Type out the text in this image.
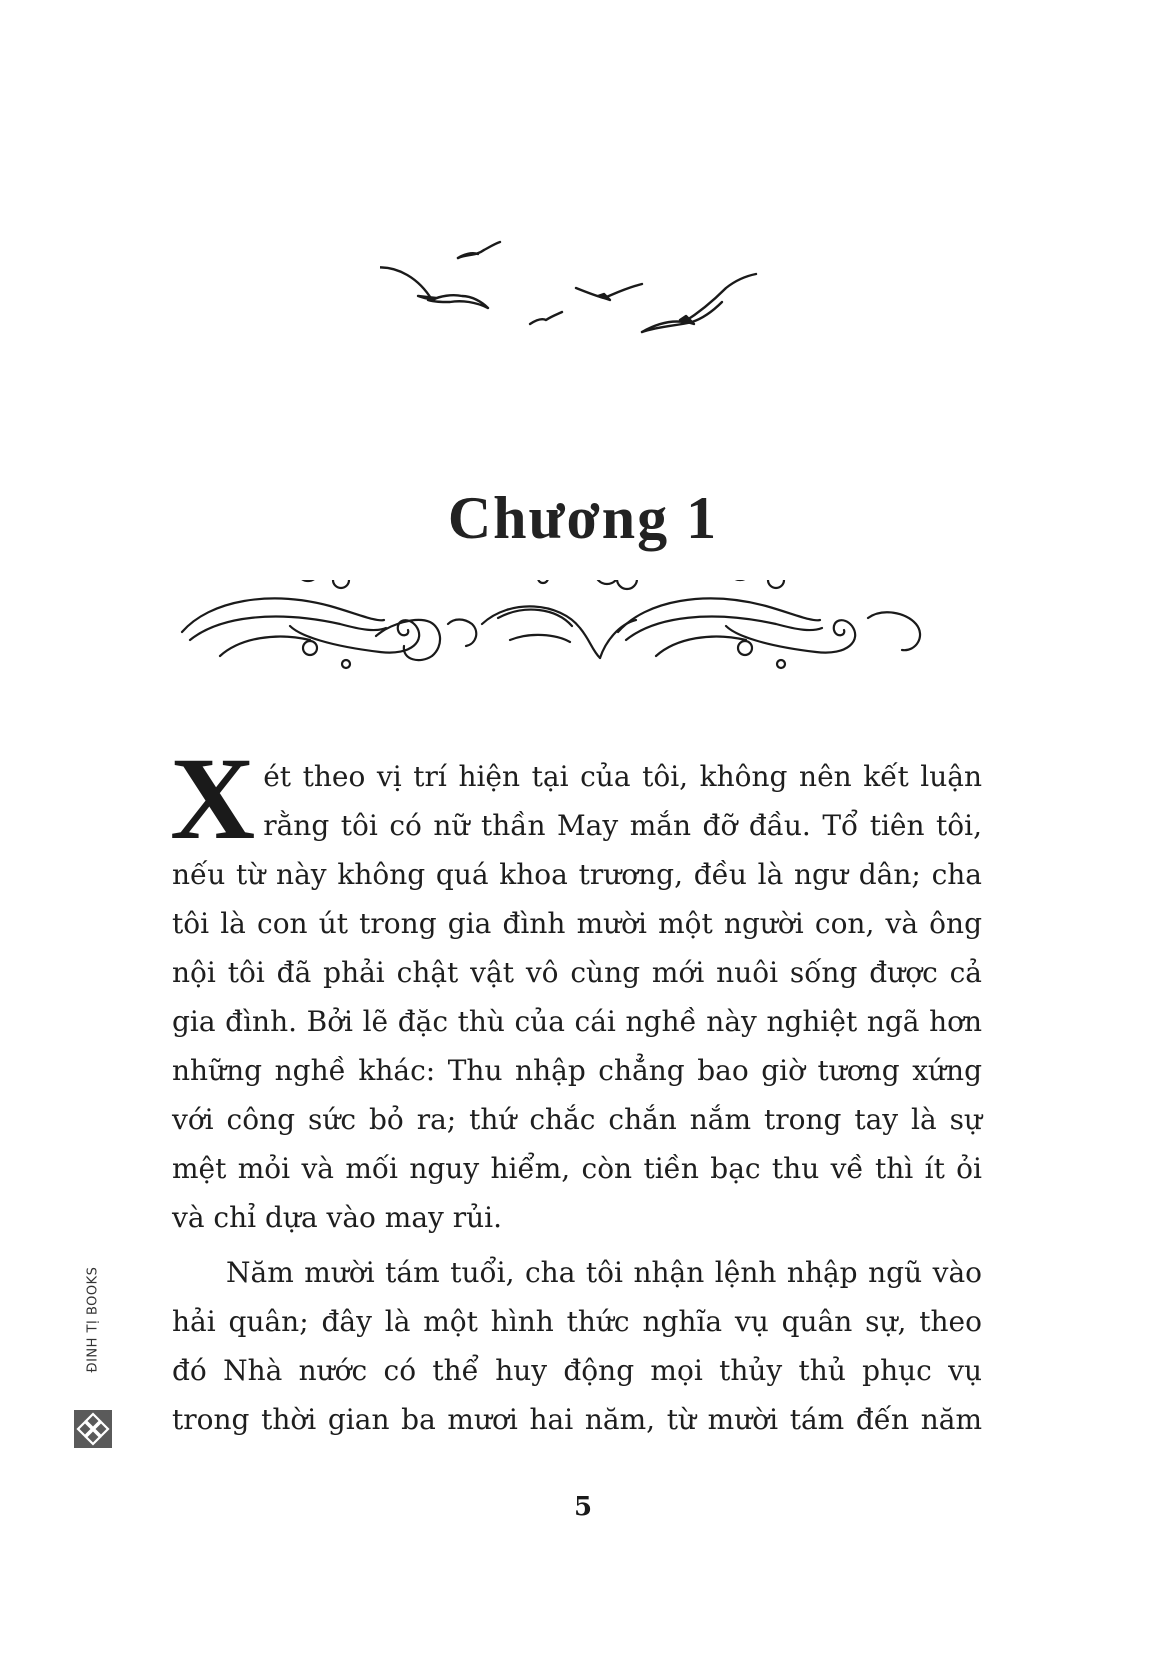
Chương 1

Xét theo vị trí hiện tại của tôi, không nên kết luận rằng tôi có nữ thần May mắn đỡ đầu. Tổ tiên tôi, nếu từ này không quá khoa trương, đều là ngư dân; cha tôi là con út trong gia đình mười một người con, và ông nội tôi đã phải chật vật vô cùng mới nuôi sống được cả gia đình. Bởi lẽ đặc thù của cái nghề này nghiệt ngã hơn những nghề khác: Thu nhập chẳng bao giờ tương xứng với công sức bỏ ra; thứ chắc chắn nắm trong tay là sự mệt mỏi và mối nguy hiểm, còn tiền bạc thu về thì ít ỏi và chỉ dựa vào may rủi.

Năm mười tám tuổi, cha tôi nhận lệnh nhập ngũ vào hải quân; đây là một hình thức nghĩa vụ quân sự, theo đó Nhà nước có thể huy động mọi thủy thủ phục vụ trong thời gian ba mươi hai năm, từ mười tám đến năm

5
ĐINH TỊ BOOKS
